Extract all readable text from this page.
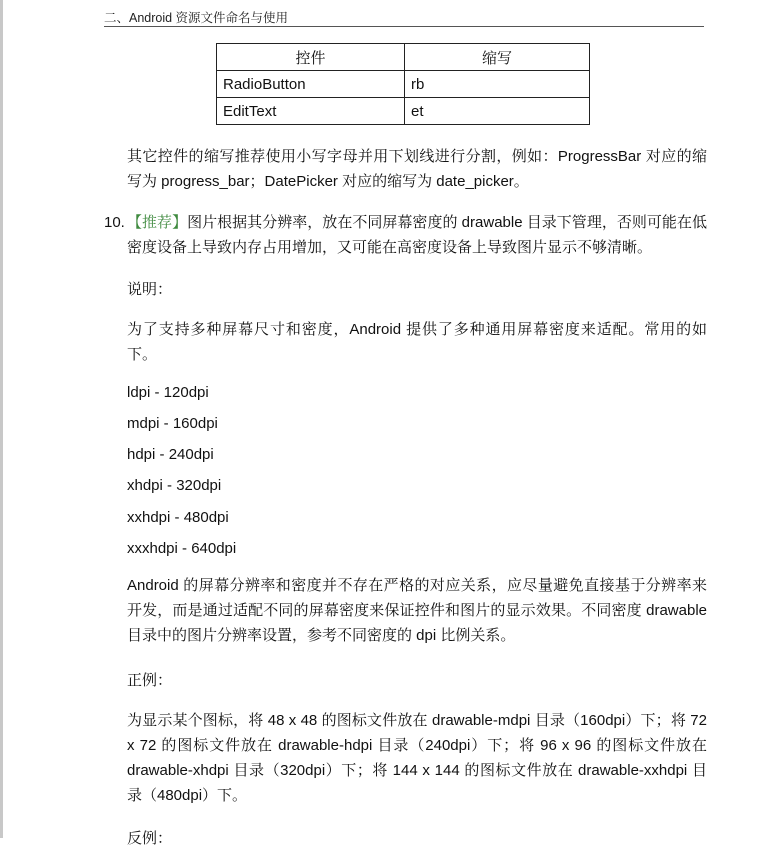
二、Android 资源文件命名与使用
控件	缩写
RadioButton	rb
EditText	et
其它控件的缩写推荐使用小写字母并用下划线进行分割，例如：ProgressBar 对应的缩写为 progress_bar；DatePicker 对应的缩写为 date_picker。
10. 【推荐】图片根据其分辨率，放在不同屏幕密度的 drawable 目录下管理，否则可能在低密度设备上导致内存占用增加，又可能在高密度设备上导致图片显示不够清晰。
说明：
为了支持多种屏幕尺寸和密度，Android 提供了多种通用屏幕密度来适配。常用的如下。
ldpi - 120dpi
mdpi - 160dpi
hdpi - 240dpi
xhdpi - 320dpi
xxhdpi - 480dpi
xxxhdpi - 640dpi
Android 的屏幕分辨率和密度并不存在严格的对应关系，应尽量避免直接基于分辨率来开发，而是通过适配不同的屏幕密度来保证控件和图片的显示效果。不同密度 drawable 目录中的图片分辨率设置，参考不同密度的 dpi 比例关系。
正例：
为显示某个图标，将 48 x 48 的图标文件放在 drawable-mdpi 目录（160dpi）下；将 72 x 72 的图标文件放在 drawable-hdpi 目录（240dpi）下；将 96 x 96 的图标文件放在 drawable-xhdpi 目录（320dpi）下；将 144 x 144 的图标文件放在 drawable-xxhdpi 目录（480dpi）下。
反例：
